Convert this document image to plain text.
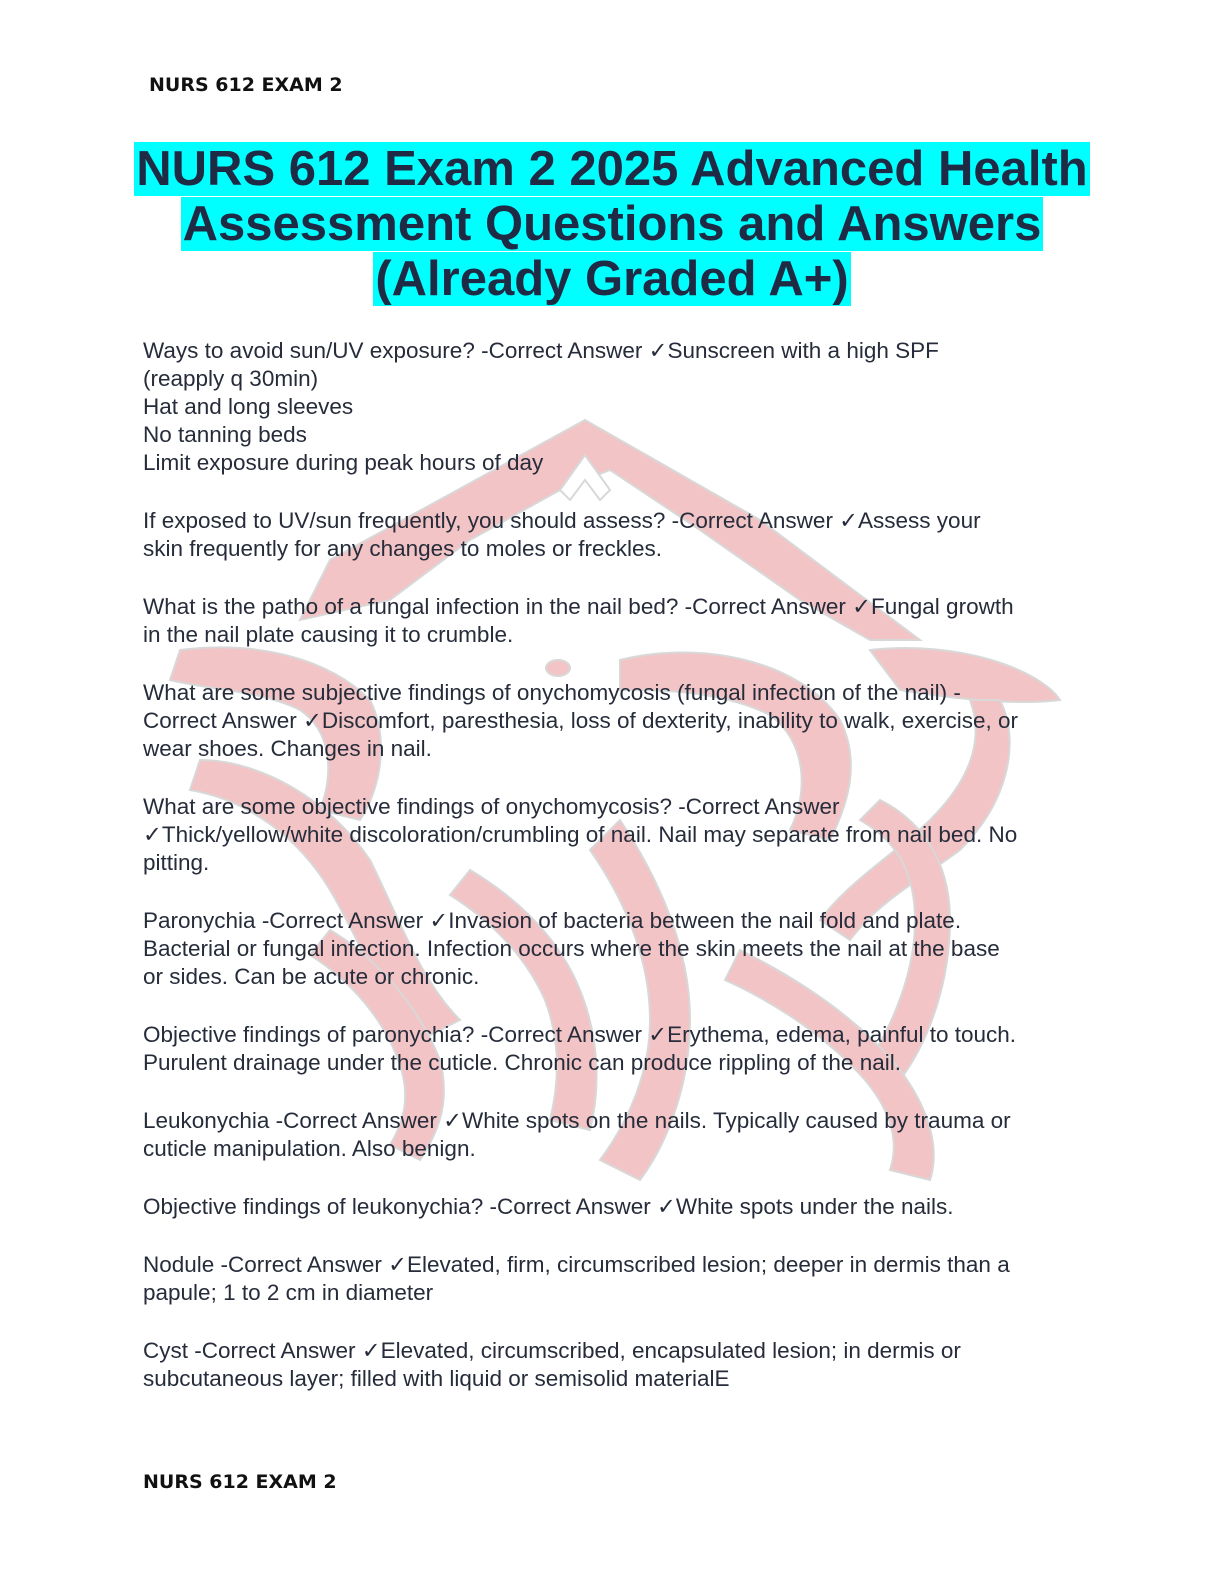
NURS 612 EXAM 2
NURS 612 Exam 2 2025 Advanced Health
Assessment Questions and Answers
(Already Graded A+)
Ways to avoid sun/UV exposure? -Correct Answer ✓Sunscreen with a high SPF
(reapply q 30min)
Hat and long sleeves
No tanning beds
Limit exposure during peak hours of day
If exposed to UV/sun frequently, you should assess? -Correct Answer ✓Assess your
skin frequently for any changes to moles or freckles.
What is the patho of a fungal infection in the nail bed? -Correct Answer ✓Fungal growth
in the nail plate causing it to crumble.
What are some subjective findings of onychomycosis (fungal infection of the nail) -
Correct Answer ✓Discomfort, paresthesia, loss of dexterity, inability to walk, exercise, or
wear shoes. Changes in nail.
What are some objective findings of onychomycosis? -Correct Answer
✓Thick/yellow/white discoloration/crumbling of nail. Nail may separate from nail bed. No
pitting.
Paronychia -Correct Answer ✓Invasion of bacteria between the nail fold and plate.
Bacterial or fungal infection. Infection occurs where the skin meets the nail at the base
or sides. Can be acute or chronic.
Objective findings of paronychia? -Correct Answer ✓Erythema, edema, painful to touch.
Purulent drainage under the cuticle. Chronic can produce rippling of the nail.
Leukonychia -Correct Answer ✓White spots on the nails. Typically caused by trauma or
cuticle manipulation. Also benign.
Objective findings of leukonychia? -Correct Answer ✓White spots under the nails.
Nodule -Correct Answer ✓Elevated, firm, circumscribed lesion; deeper in dermis than a
papule; 1 to 2 cm in diameter
Cyst -Correct Answer ✓Elevated, circumscribed, encapsulated lesion; in dermis or
subcutaneous layer; filled with liquid or semisolid materialE
NURS 612 EXAM 2
